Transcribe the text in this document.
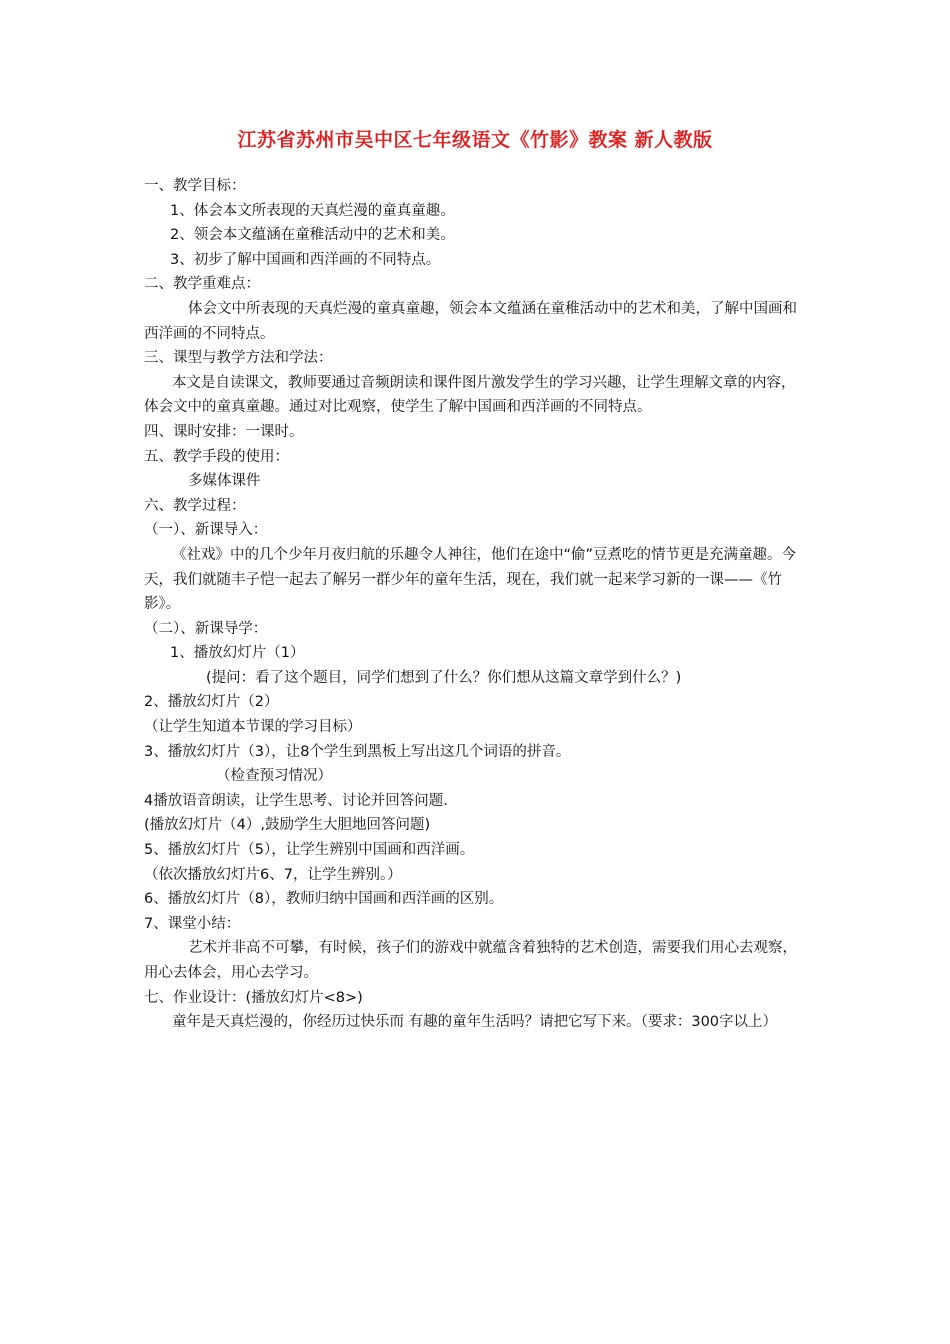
江苏省苏州市吴中区七年级语文《竹影》教案 新人教版

一、教学目标：

1、体会本文所表现的天真烂漫的童真童趣。

2、领会本文蕴涵在童稚活动中的艺术和美。

3、初步了解中国画和西洋画的不同特点。

二、教学重难点：

体会文中所表现的天真烂漫的童真童趣，领会本文蕴涵在童稚活动中的艺术和美，了解中国画和西洋画的不同特点。

三、课型与教学方法和学法：

本文是自读课文，教师要通过音频朗读和课件图片激发学生的学习兴趣，让学生理解文章的内容，体会文中的童真童趣。通过对比观察，使学生了解中国画和西洋画的不同特点。

四、课时安排：一课时。

五、教学手段的使用：

多媒体课件

六、教学过程：

（一）、新课导入：

《社戏》中的几个少年月夜归航的乐趣令人神往，他们在途中“偷”豆煮吃的情节更是充满童趣。今天，我们就随丰子恺一起去了解另一群少年的童年生活，现在，我们就一起来学习新的一课——《竹影》。

（二）、新课导学：

1、播放幻灯片（1）

(提问：看了这个题目，同学们想到了什么？你们想从这篇文章学到什么？)

2、播放幻灯片（2）

（让学生知道本节课的学习目标）

3、播放幻灯片（3），让8个学生到黑板上写出这几个词语的拼音。

（检查预习情况）

4播放语音朗读，让学生思考、讨论并回答问题.

(播放幻灯片（4）,鼓励学生大胆地回答问题)

5、播放幻灯片（5），让学生辨别中国画和西洋画。

（依次播放幻灯片6、7，让学生辨别。）

6、播放幻灯片（8），教师归纳中国画和西洋画的区别。

7、课堂小结：

艺术并非高不可攀，有时候，孩子们的游戏中就蕴含着独特的艺术创造，需要我们用心去观察，用心去体会，用心去学习。

七、作业设计：(播放幻灯片<8>)

童年是天真烂漫的，你经历过快乐而 有趣的童年生活吗？请把它写下来。（要求：300字以上）
